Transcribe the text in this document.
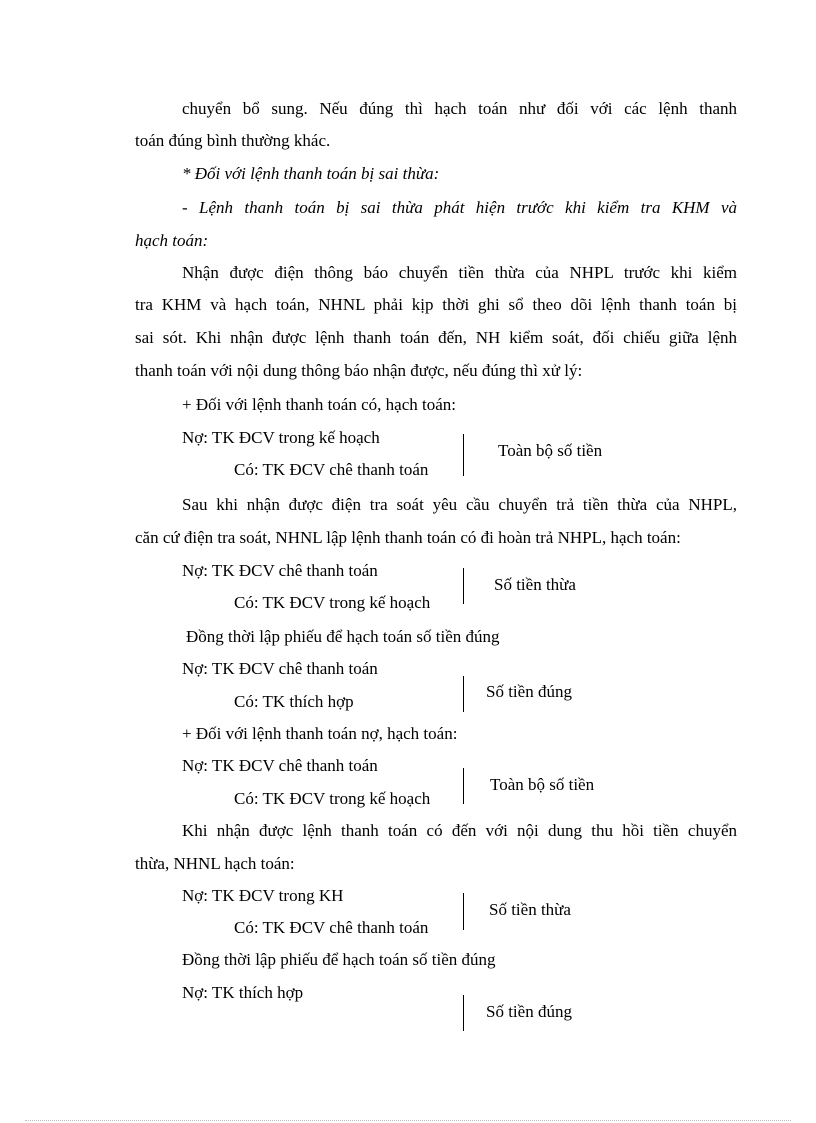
chuyển bổ sung. Nếu đúng thì hạch toán như đối với các lệnh thanh
toán đúng bình thường khác.
* Đối với lệnh thanh toán bị sai thừa:
- Lệnh thanh toán bị sai thừa phát hiện trước khi kiểm tra KHM và
hạch toán:
Nhận được điện thông báo chuyển tiền thừa của NHPL trước khi kiểm
tra KHM và hạch toán, NHNL phải kịp thời ghi sổ theo dõi lệnh thanh toán bị
sai sót. Khi nhận được lệnh thanh toán đến, NH kiểm soát, đối chiếu giữa lệnh
thanh toán với nội dung thông báo nhận được, nếu đúng thì xử lý:
+ Đối với lệnh thanh toán có, hạch toán:
Nợ: TK ĐCV trong kế hoạch
Có: TK ĐCV chê thanh toán
Toàn bộ số tiền
Sau khi nhận được điện tra soát yêu cầu chuyển trả tiền thừa của NHPL,
căn cứ điện tra soát, NHNL lập lệnh thanh toán có đi hoàn trả NHPL, hạch toán:
Nợ: TK ĐCV chê thanh toán
Có: TK ĐCV trong kế hoạch
Số tiền thừa
Đồng thời lập phiếu để hạch toán số tiền đúng
Nợ: TK ĐCV chê thanh toán
Có: TK thích hợp
Số tiền đúng
+ Đối với lệnh thanh toán nợ, hạch toán:
Nợ: TK ĐCV chê thanh toán
Có: TK ĐCV trong kế hoạch
Toàn bộ số tiền
Khi nhận được lệnh thanh toán có đến với nội dung thu hồi tiền chuyển
thừa, NHNL hạch toán:
Nợ: TK ĐCV trong KH
Có: TK ĐCV chê thanh toán
Số tiền thừa
Đồng thời lập phiếu để hạch toán số tiền đúng
Nợ: TK thích hợp
Số tiền đúng
